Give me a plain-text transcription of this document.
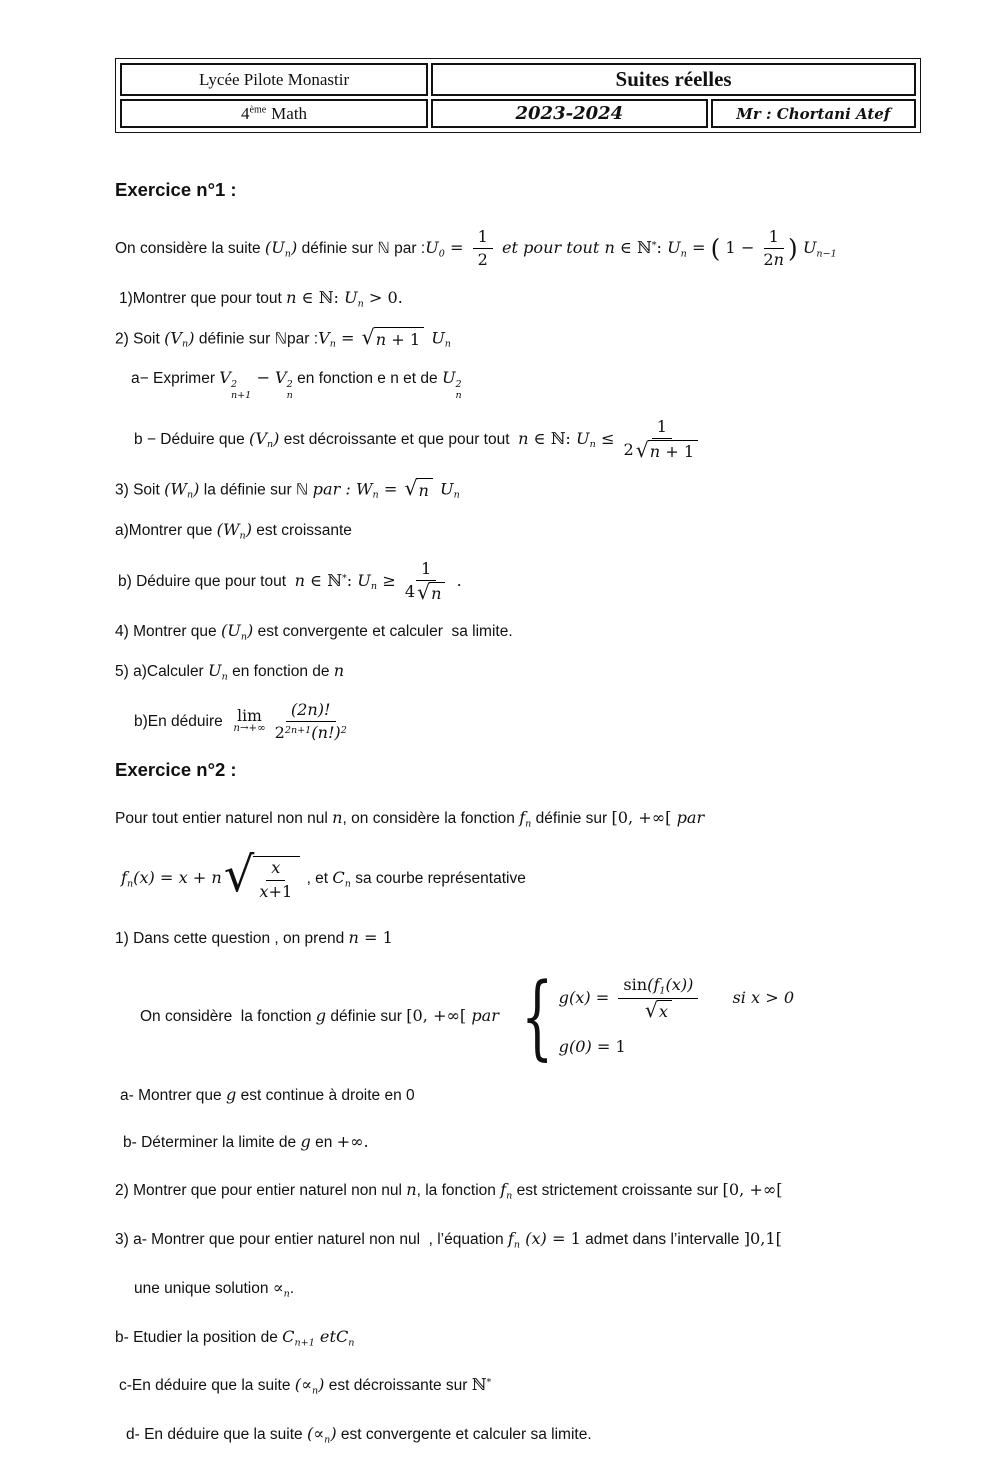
Lycée Pilote Monastir	Suites réelles	
4ème Math	2023-2024	Mr : Chortani Atef
Exercice n°1 :
On considère la suite $(U_n)$ définie sur ℕ par $:U_0 = \frac{1}{2}$ et pour tout n ∈ ℕ*: $U_n$ = ( $1 - \frac{1}{2n}$ ) $U_{n-1}$
1)Montrer que pour tout n ∈ ℕ: $U_n > 0$.
2) Soit $(V_n)$ définie sur ℕpar $:V_n$ = √ n + 1 $U_n$
a− Exprimer V 2
n+1
− V 2
n
en fonction e n et de U 2
n
b − Déduire que $(V_n)$ est décroissante et que pour tout  n ∈ ℕ: $U_n \le \frac{1}{2 √ n + 1}$
3) Soit $(W_n)$ la définie sur ℕ par : $W_n$ = √ n $U_n$
a)Montrer que $(W_n)$ est croissante
b) Déduire que pour tout  n ∈ ℕ*: $U_n \ge \frac{1}{4 √ n}$ .
4) Montrer que $(U_n)$ est convergente et calculer  sa limite.
5) a)Calculer $U_n$ en fonction de n
b)En déduire lim
$n\to+\infty \frac{(2n)!}{2^{2n+1}(n!)^2}$
Exercice n°2 :
Pour tout entier naturel non nul n, on considère la fonction $f_n$ définie sur [0, +∞[ par
$f_n(x) = x + n$ √ $\frac{x}{x+1}$ , et $C_n$ sa courbe représentative
1) Dans cette question , on prend n = 1
On considère  la fonction g définie sur [0, +∞[ par { $g(x) = \frac{\sin(f_1(x))}{√ x}$ si x > 0
g(0) = 1
a- Montrer que g est continue à droite en 0
b- Déterminer la limite de g en +∞.
2) Montrer que pour entier naturel non nul n, la fonction $f_n$ est strictement croissante sur [0, +∞[
3) a- Montrer que pour entier naturel non nul  , l’équation $f_n$ (x) = 1 admet dans l’intervalle ]0,1[
une unique solution $\propto_n$.
b- Etudier la position de $C_{n+1}$ etC$_n$
c-En déduire que la suite $(\propto_n)$ est décroissante sur ℕ*
d- En déduire que la suite $(\propto_n)$ est convergente et calculer sa limite.
